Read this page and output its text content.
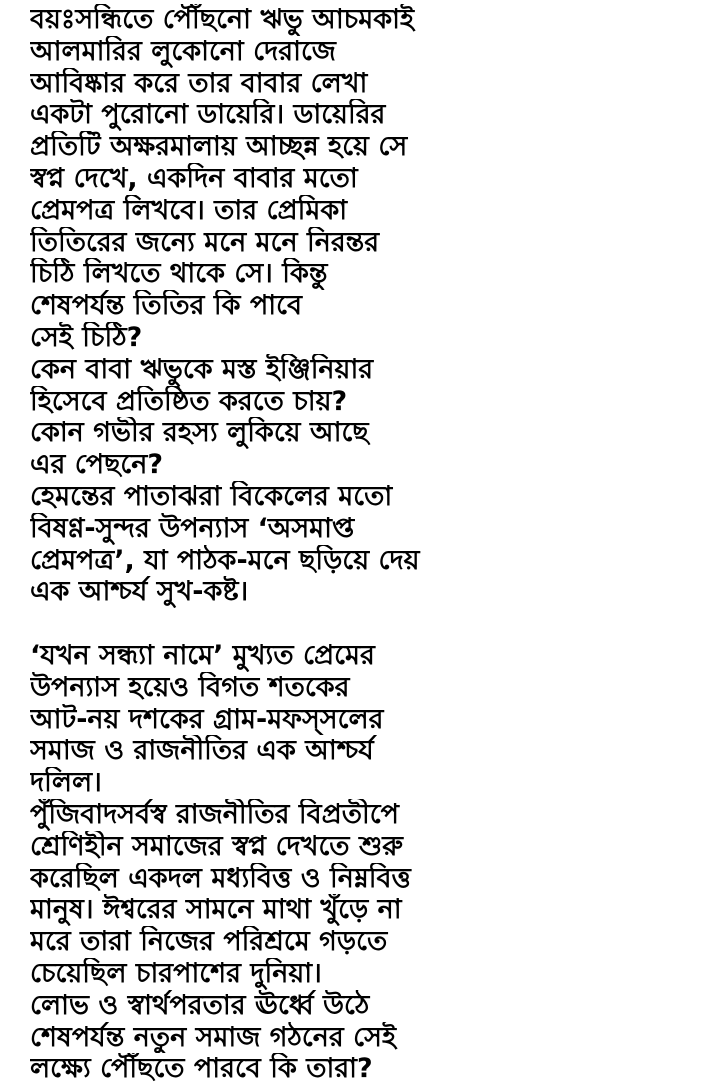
বয়ঃসন্ধিতে পৌঁছনো ঋভু আচমকাই
আলমারির লুকোনো দেরাজে
আবিষ্কার করে তার বাবার লেখা
একটা পুরোনো ডায়েরি। ডায়েরির
প্রতিটি অক্ষরমালায় আচ্ছন্ন হয়ে সে
স্বপ্ন দেখে, একদিন বাবার মতো
প্রেমপত্র লিখবে। তার প্রেমিকা
তিতিরের জন্যে মনে মনে নিরন্তর
চিঠি লিখতে থাকে সে। কিন্তু
শেষপর্যন্ত তিতির কি পাবে
সেই চিঠি?
কেন বাবা ঋভুকে মস্ত ইঞ্জিনিয়ার
হিসেবে প্রতিষ্ঠিত করতে চায়?
কোন গভীর রহস্য লুকিয়ে আছে
এর পেছনে?
হেমন্তের পাতাঝরা বিকেলের মতো
বিষণ্ণ-সুন্দর উপন্যাস ‘অসমাপ্ত
প্রেমপত্র’, যা পাঠক-মনে ছড়িয়ে দেয়
এক আশ্চর্য সুখ-কষ্ট।
‘যখন সন্ধ্যা নামে’ মুখ্যত প্রেমের
উপন্যাস হয়েও বিগত শতকের
আট-নয় দশকের গ্রাম-মফস্‌সলের
সমাজ ও রাজনীতির এক আশ্চর্য
দলিল।
পুঁজিবাদসর্বস্ব রাজনীতির বিপ্রতীপে
শ্রেণিহীন সমাজের স্বপ্ন দেখতে শুরু
করেছিল একদল মধ্যবিত্ত ও নিম্নবিত্ত
মানুষ। ঈশ্বরের সামনে মাথা খুঁড়ে না
মরে তারা নিজের পরিশ্রমে গড়তে
চেয়েছিল চারপাশের দুনিয়া।
লোভ ও স্বার্থপরতার ঊর্ধ্বে উঠে
শেষপর্যন্ত নতুন সমাজ গঠনের সেই
লক্ষ্যে পৌঁছতে পারবে কি তারা?
